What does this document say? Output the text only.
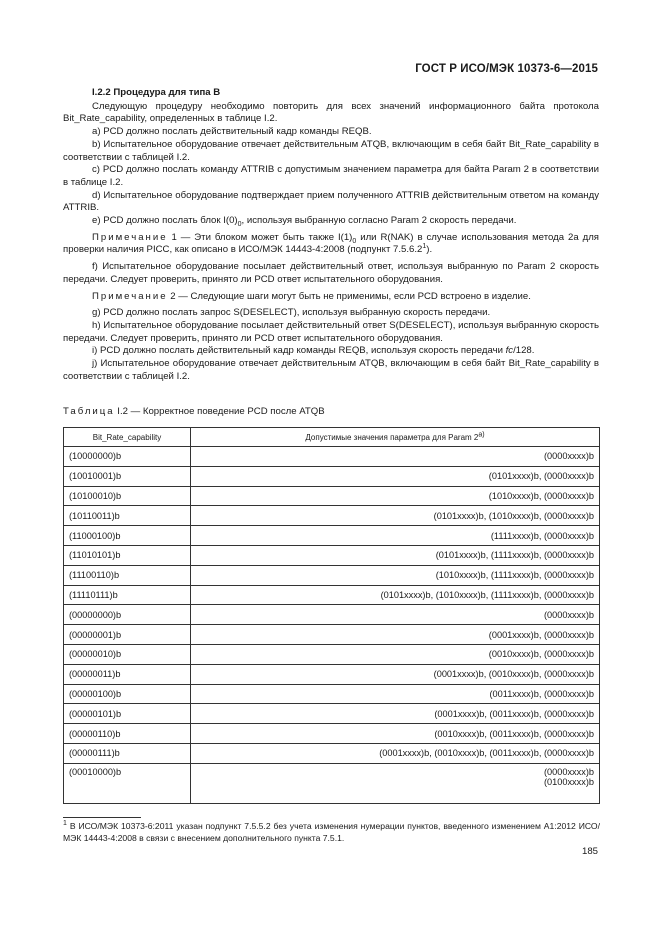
ГОСТ Р ИСО/МЭК 10373-6—2015

I.2.2 Процедура для типа B

Следующую процедуру необходимо повторить для всех значений информационного байта протокола Bit_Rate_capability, определенных в таблице I.2.

a) PCD должно послать действительный кадр команды REQB.

b) Испытательное оборудование отвечает действительным ATQB, включающим в себя байт Bit_Rate_capability в соответствии с таблицей I.2.

c) PCD должно послать команду ATTRIB с допустимым значением параметра для байта Param 2 в соответствии в таблице I.2.

d) Испытательное оборудование подтверждает прием полученного ATTRIB действительным ответом на команду ATTRIB.

e) PCD должно послать блок $I(0)_0$, используя выбранную согласно Param 2 скорость передачи.

Примечание 1 — Эти блоком может быть также $I(1)_0$ или R(NAK) в случае использования метода 2а для проверки наличия PICC, как описано в ИСО/МЭК 14443-4:2008 (подпункт 7.5.6.2$^1$).

f) Испытательное оборудование посылает действительный ответ, используя выбранную по Param 2 скорость передачи. Следует проверить, принято ли PCD ответ испытательного оборудования.

Примечание 2 — Следующие шаги могут быть не применимы, если PCD встроено в изделие.

g) PCD должно послать запрос S(DESELECT), используя выбранную скорость передачи.

h) Испытательное оборудование посылает действительный ответ S(DESELECT), используя выбранную скорость передачи. Следует проверить, принято ли PCD ответ испытательного оборудования.

i) PCD должно послать действительный кадр команды REQB, используя скорость передачи fc/128.

j) Испытательное оборудование отвечает действительным ATQB, включающим в себя байт Bit_Rate_capability в соответствии с таблицей I.2.

Таблица I.2 — Корректное поведение PCD после ATQB
Bit_Rate_capability	Допустимые значения параметра для Param 2$^{a)}$
(10000000)b	(0000xxxx)b
(10010001)b	(0101xxxx)b, (0000xxxx)b
(10100010)b	(1010xxxx)b, (0000xxxx)b
(10110011)b	(0101xxxx)b, (1010xxxx)b, (0000xxxx)b
(11000100)b	(1111xxxx)b, (0000xxxx)b
(11010101)b	(0101xxxx)b, (1111xxxx)b, (0000xxxx)b
(11100110)b	(1010xxxx)b, (1111xxxx)b, (0000xxxx)b
(11110111)b	(0101xxxx)b, (1010xxxx)b, (1111xxxx)b, (0000xxxx)b
(00000000)b	(0000xxxx)b
(00000001)b	(0001xxxx)b, (0000xxxx)b
(00000010)b	(0010xxxx)b, (0000xxxx)b
(00000011)b	(0001xxxx)b, (0010xxxx)b, (0000xxxx)b
(00000100)b	(0011xxxx)b, (0000xxxx)b
(00000101)b	(0001xxxx)b, (0011xxxx)b, (0000xxxx)b
(00000110)b	(0010xxxx)b, (0011xxxx)b, (0000xxxx)b
(00000111)b	(0001xxxx)b, (0010xxxx)b, (0011xxxx)b, (0000xxxx)b
(00010000)b	(0000xxxx)b
(0100xxxx)b
$^1$ В ИСО/МЭК 10373-6:2011 указан подпункт 7.5.5.2 без учета изменения нумерации пунктов, введенного изменением A1:2012 ИСО/МЭК 14443-4:2008 в связи с внесением дополнительного пункта 7.5.1.
185
